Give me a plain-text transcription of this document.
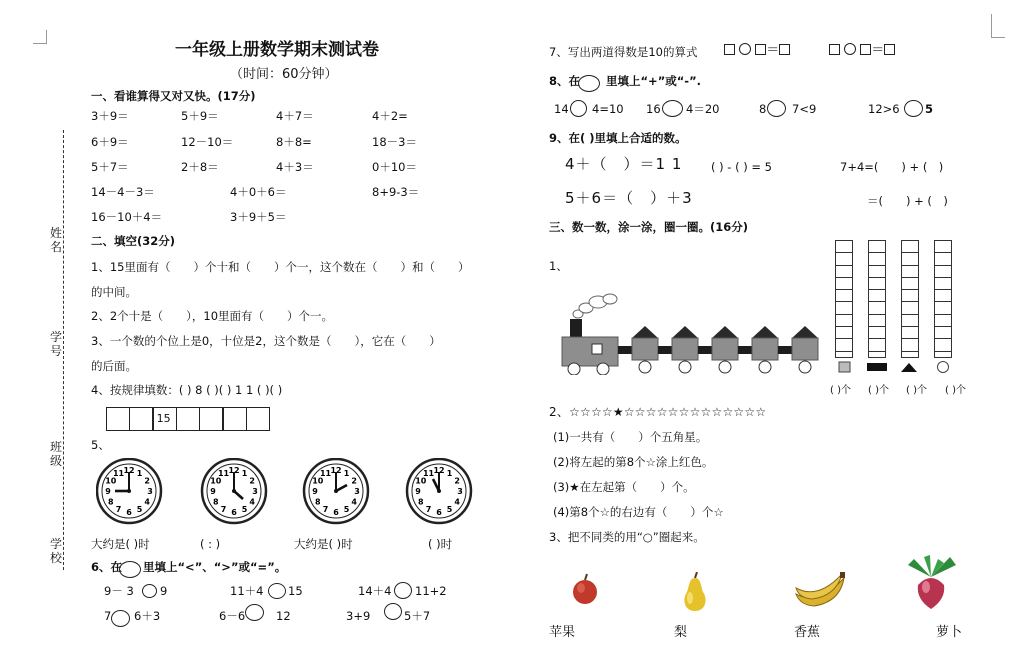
姓名
学号
班级
学校
一年级上册数学期末测试卷
（时间：60分钟）
一、看谁算得又对又快。(17分)
3＋9＝	5＋9＝	4＋7＝	4＋2=
6＋9＝	12－10＝	8＋8=	18－3＝
5＋7＝	2＋8＝	4＋3＝	0＋10＝
14－4－3＝	4＋0＋6＝	8+9-3＝
16－10＋4＝	3＋9＋5＝
二、填空(32分)
1、15里面有（　　）个十和（　　）个一，这个数在（　　）和（　　）
的中间。
2、2个十是（　　），10里面有（　　）个一。
3、一个数的个位上是0，十位是2，这个数是（　　），它在（　　）
的后面。
4、按规律填数：( ) 8 ( )( ) 1 1 ( )( )
15
5、
1
2
3
4
5
6
7
8
9
10
11 12	1
2
3
4
5
6
7
8
9
10
11 12	1
2
3
4
5
6
7
8
9
10
11 12	1
2
3
4
5
6
7
8
9
10
11 12
大约是( )时	( : )	大约是( )时	( )时
6、在 里填上“<”、“>”或“=”。
9－ 3 9	11＋4 15	14＋4 11+2
7 6＋3	6－6	12	3+9	5＋7
7、写出两道得数是10的算式	＝	＝
8、在 里填上“+”或“-”.
14 4=10 16 4＝20	8 7<9	12>6 5
9、在( )里填上合适的数。
4＋（　）＝1 1 ( ) - ( ) = 5	7+4=(　　) + (　)
5＋6＝（　）＋3	＝(　　) + (　)
三、数一数，涂一涂，圈一圈。(16分)
1、
( )个 ( )个 ( )个 ( )个
2、☆☆☆☆★☆☆☆☆☆☆☆☆☆☆☆☆☆
(1)一共有（　　）个五角星。
(2)将左起的第8个☆涂上红色。
(3)★在左起第（　　）个。
(4)第8个☆的右边有（　　）个☆
3、把不同类的用“○”圈起来。
苹果	梨	香蕉	萝卜
